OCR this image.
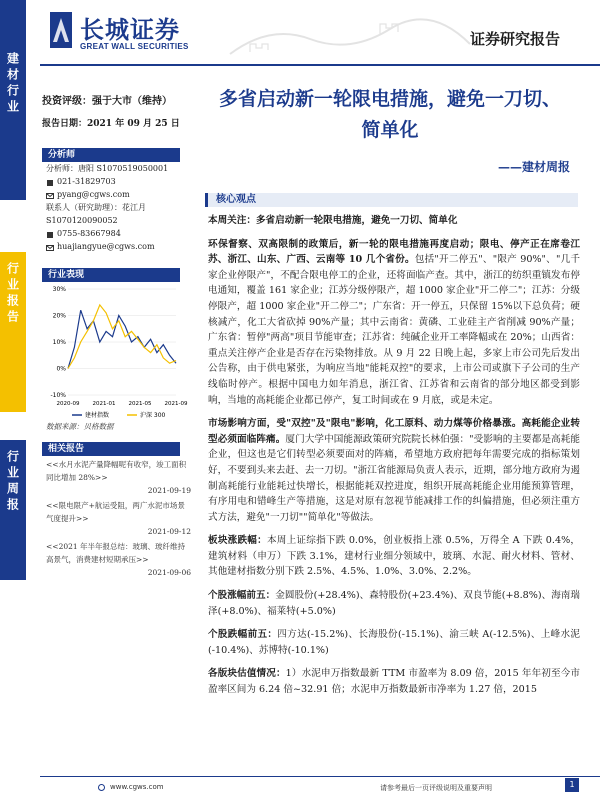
长城证券
GREAT WALL SECURITIES	证券研究报告
建材行业
行业报告
行业周报
投资评级：强于大市（维持）
报告日期：2021 年 09 月 25 日
多省启动新一轮限电措施，避免一刀切、
简单化
——建材周报
分析师
分析师：唐阳 S1070519050001
021-31829703
pyang@cgws.com
联系人（研究助理）：花江月
S1070120090052
0755-83667984
huajiangyue@cgws.com
行业表现
30%
20%
10%
0%
-10%
2020-09 2021-01 2021-05 2021-09
建材指数	沪深 300
数据来源：贝格数据
相关报告
<<水月水泥产量降幅呢有收窄，竣工面积同比增加 28%>>
2021-09-19
<<限电限产+航运受阻，两广水泥市场景气度提升>>
2021-09-12
<<2021 年半年报总结：玻璃、玻纤维持高景气，消费建材短期承压>>
2021-09-06
核心观点

本周关注：多省启动新一轮限电措施，避免一刀切、简单化

环保督察、双高限制的政策后，新一轮的限电措施再度启动；限电、停产正在席卷江苏、浙江、山东、广西、云南等 10 几个省份。包括"开二停五"、"限产 90%"、"几千家企业停限产"，不配合限电停工的企业，还将面临产查。其中，浙江的纺织重镇发布停电通知，覆盖 161 家企业；江苏分级停限产，超 1000 家企业"开二停二"；江苏：分级停限产，超 1000 家企业"开二停二"；广东省：开一停五，只保留 15%以下总负荷；硬核减产，化工大省砍掉 90%产量；其中云南省：黄磷、工业硅主产省削减 90%产量；广东省：暂停"两高"项目节能审查；江苏省：纯碱企业开工率降幅或在 20%；山西省：重点关注停产企业是否存在污染物排放。从 9 月 22 日晚上起，多家上市公司先后发出公告称，由于供电紧张，为响应当地"能耗双控"的要求，上市公司或旗下子公司的生产线临时停产。根据中国电力如年消息，浙江省、江苏省和云南省的部分地区都受到影响，当地的高耗能企业都已停产，复工时间或在 9 月底，或是未定。

市场影响方面，受"双控"及"限电"影响，化工原料、动力煤等价格暴涨。高耗能企业转型必须面临阵痛。厦门大学中国能源政策研究院院长林伯强："受影响的主要都是高耗能企业，但这也是它们转型必须要面对的阵痛，希望地方政府把每年需要完成的指标策划好，不要到头来去赶、去一刀切。"浙江省能源局负责人表示，近期，部分地方政府为遏制高耗能行业能耗过快增长，根据能耗双控进度，组织开展高耗能企业用能预算管理，有序用电和错峰生产等措施，这是对原有忽视节能减排工作的纠偏措施，但必须注重方式方法，避免"一刀切""简单化"等做法。

板块涨跌幅：本周上证综指下跌 0.0%，创业板指上涨 0.5%，万得全 A 下跌 0.4%，建筑材料（申万）下跌 3.1%，建材行业细分领域中，玻璃、水泥、耐火材料、管材、其他建材指数分别下跌 2.5%、4.5%、1.0%、3.0%、2.2%。

个股涨幅前五：金圆股份(+28.4%)、森特股份(+23.4%)、双良节能(+8.8%)、海南瑞泽(+8.0%)、福莱特(+5.0%)

个股跌幅前五：四方达(-15.2%)、长海股份(-15.1%)、渝三峡 A(-12.5%)、上峰水泥(-10.4%)、苏博特(-10.1%)

各版块估值情况：1）水泥申万指数最新 TTM 市盈率为 8.09 倍，2015 年年初至今市盈率区间为 6.24 倍~32.91 倍；水泥申万指数最新市净率为 1.27 倍，2015

www.cgws.com	请参考最后一页评级说明及重要声明	1
